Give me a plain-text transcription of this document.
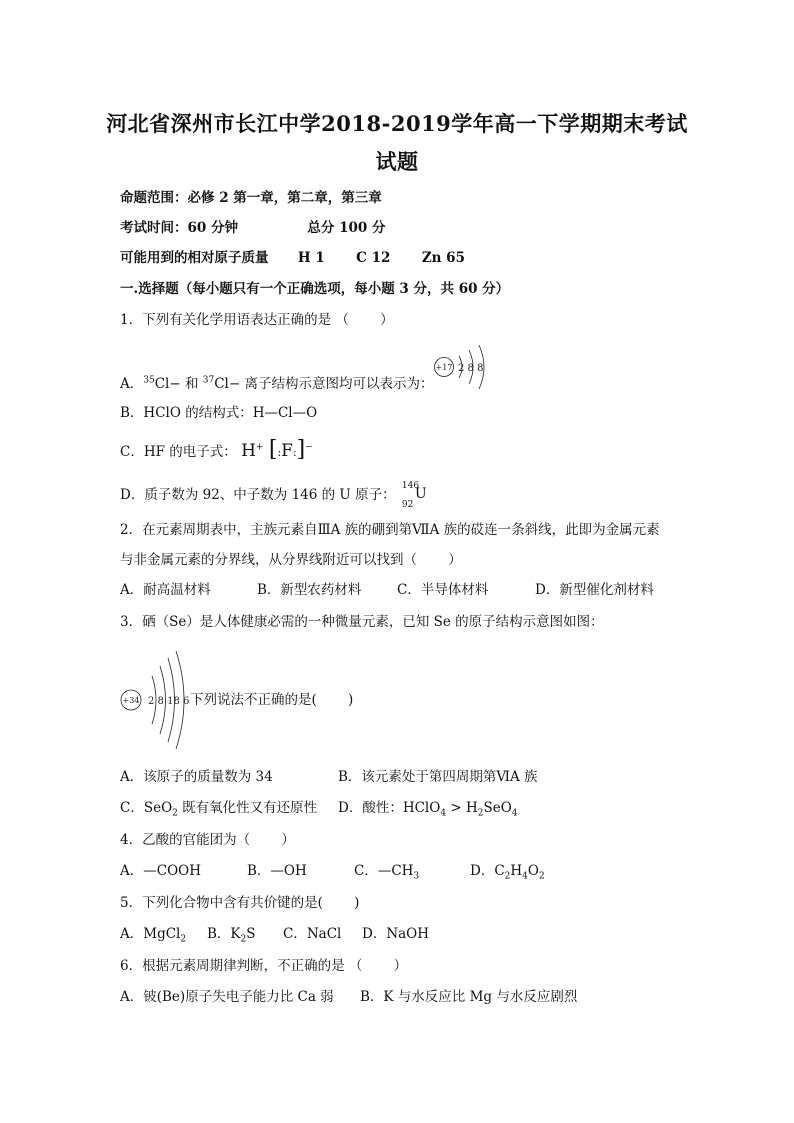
河北省深州市长江中学2018-2019学年高一下学期期末考试
试题
命题范围：必修 2 第一章，第二章，第三章
考试时间：60 分钟	总分 100 分
可能用到的相对原子质量 H 1 C 12 Zn 65
一.选择题（每小题只有一个正确选项，每小题 3 分，共 60 分）
1．下列有关化学用语表达正确的是 （　　 ）
+17 2 8 8
A．$^{35}$Cl− 和 $^{37}$Cl− 离子结构示意图均可以表示为：
B．HClO 的结构式：H—Cl—O
C．HF 的电子式： H+ [:F:]−
D．质子数为 92、中子数为 146 的 U 原子：
146
92
U
2．在元素周期表中，主族元素自ⅢA 族的硼到第ⅦA 族的砹连一条斜线，此即为金属元素
与非金属元素的分界线，从分界线附近可以找到（　　 ）
A．耐高温材料	B．新型农药材料	C．半导体材料	D．新型催化剂材料
3．硒（Se）是人体健康必需的一种微量元素，已知 Se 的原子结构示意图如图：
+34 2 8 18 6 下列说法不正确的是(　　 )
A．该原子的质量数为 34	B．该元素处于第四周期第ⅥA 族
C．SeO$_2$ 既有氧化性又有还原性 D．酸性：HClO$_4$ > $H_2SeO_4$
4．乙酸的官能团为（　　 ）
A．—COOH	B．—OH	C．$—CH_3$	D．$C_2H_4O_2$
5．下列化合物中含有共价键的是(　　 )
A．MgCl$_2$ B．$K_2S$ C．NaCl D．NaOH
6．根据元素周期律判断，不正确的是 （　　 ）
A．铍(Be)原子失电子能力比 Ca 弱 B．K 与水反应比 Mg 与水反应剧烈
